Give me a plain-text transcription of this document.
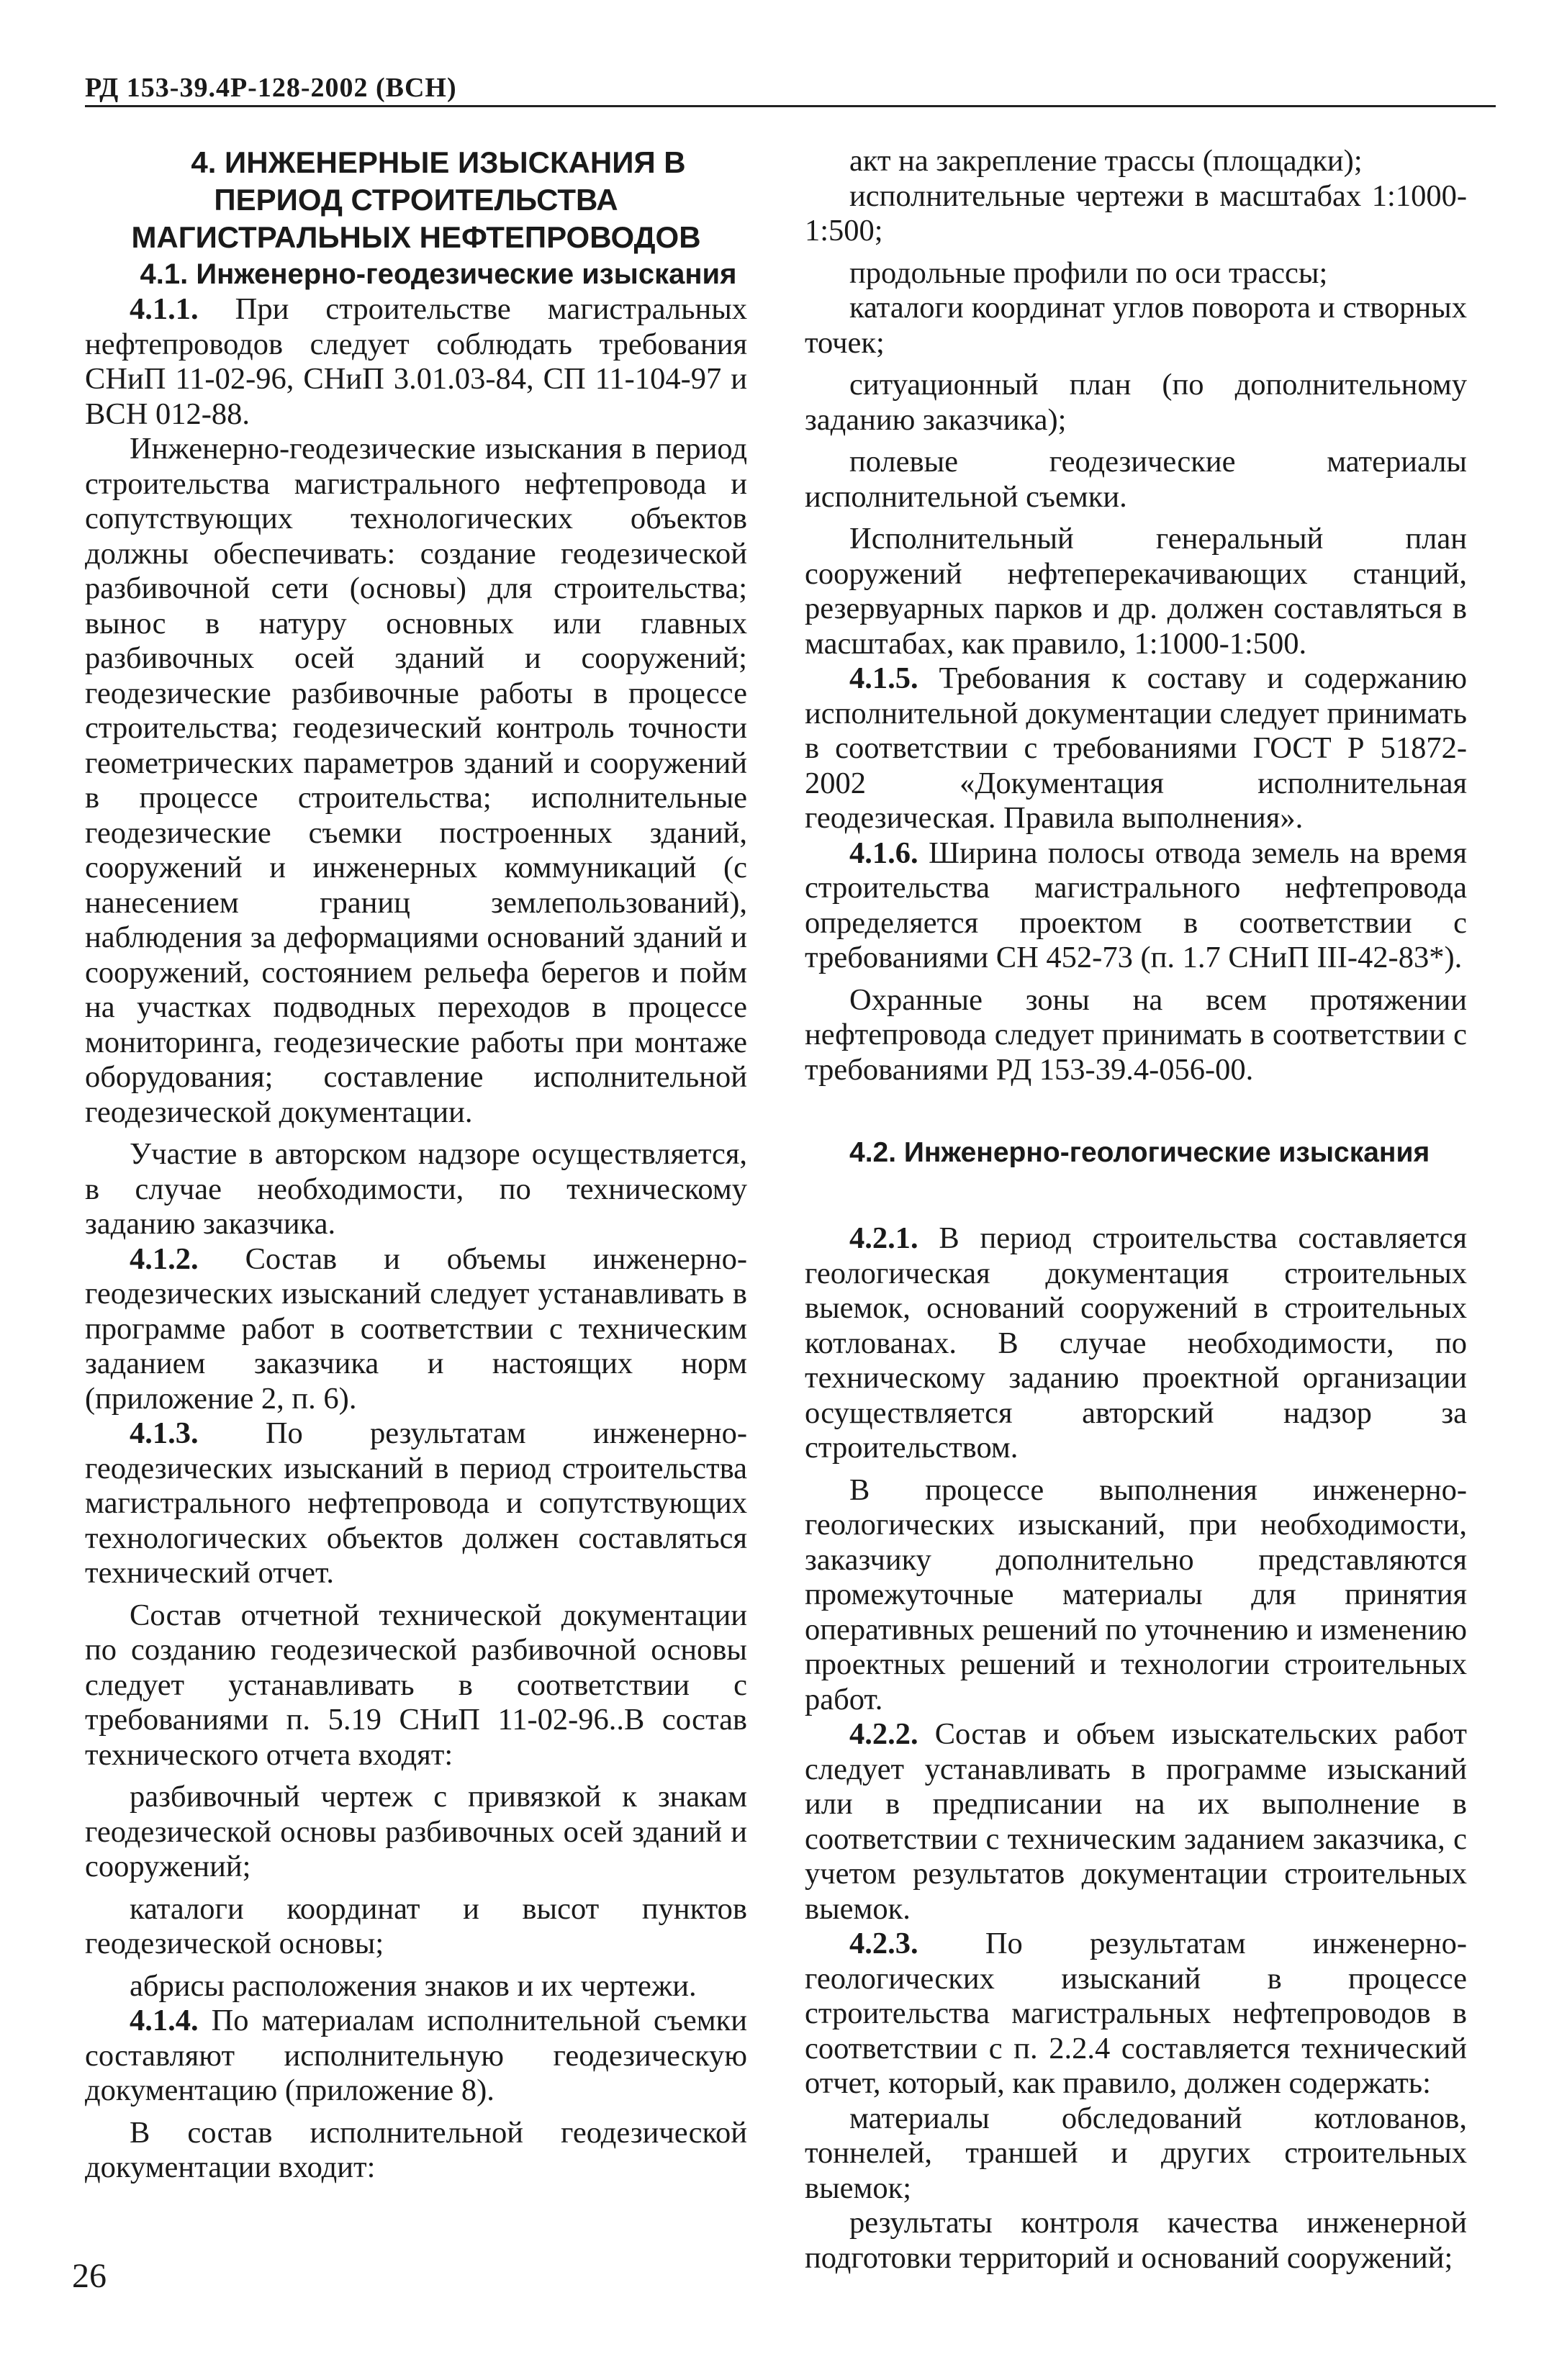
РД 153-39.4Р-128-2002 (ВСН)

4. ИНЖЕНЕРНЫЕ ИЗЫСКАНИЯ В ПЕРИОД СТРОИТЕЛЬСТВА МАГИСТРАЛЬНЫХ НЕФТЕПРОВОДОВ

4.1. Инженерно-геодезические изыскания

4.1.1. При строительстве магистральных нефтепроводов следует соблюдать требования СНиП 11-02-96, СНиП 3.01.03-84, СП 11-104-97 и ВСН 012-88.

Инженерно-геодезические изыскания в период строительства магистрального нефтепровода и сопутствующих технологических объектов должны обеспечивать: создание геодезической разбивочной сети (основы) для строительства; вынос в натуру основных или главных разбивочных осей зданий и сооружений; геодезические разбивочные работы в процессе строительства; геодезический контроль точности геометрических параметров зданий и сооружений в процессе строительства; исполнительные геодезические съемки построенных зданий, сооружений и инженерных коммуникаций (с нанесением границ землепользований), наблюдения за деформациями оснований зданий и сооружений, состоянием рельефа берегов и пойм на участках подводных переходов в процессе мониторинга, геодезические работы при монтаже оборудования; составление исполнительной геодезической документации.

Участие в авторском надзоре осуществляется, в случае необходимости, по техническому заданию заказчика.

4.1.2. Состав и объемы инженерно-геодезических изысканий следует устанавливать в программе работ в соответствии с техническим заданием заказчика и настоящих норм (приложение 2, п. 6).

4.1.3. По результатам инженерно-геодезических изысканий в период строительства магистрального нефтепровода и сопутствующих технологических объектов должен составляться технический отчет.

Состав отчетной технической документации по созданию геодезической разбивочной основы следует устанавливать в соответствии с требованиями п. 5.19 СНиП 11-02-96..В состав технического отчета входят:

разбивочный чертеж с привязкой к знакам геодезической основы разбивочных осей зданий и сооружений;

каталоги координат и высот пунктов геодезической основы;

абрисы расположения знаков и их чертежи.

4.1.4. По материалам исполнительной съемки составляют исполнительную геодезическую документацию (приложение 8).

В состав исполнительной геодезической документации входит:

акт на закрепление трассы (площадки);

исполнительные чертежи в масштабах 1:1000-1:500;

продольные профили по оси трассы;

каталоги координат углов поворота и створных точек;

ситуационный план (по дополнительному заданию заказчика);

полевые геодезические материалы исполнительной съемки.

Исполнительный генеральный план сооружений нефтеперекачивающих станций, резервуарных парков и др. должен составляться в масштабах, как правило, 1:1000-1:500.

4.1.5. Требования к составу и содержанию исполнительной документации следует принимать в соответствии с требованиями ГОСТ Р 51872-2002 «Документация исполнительная геодезическая. Правила выполнения».

4.1.6. Ширина полосы отвода земель на время строительства магистрального нефтепровода определяется проектом в соответствии с требованиями СН 452-73 (п. 1.7 СНиП III-42-83*).

Охранные зоны на всем протяжении нефтепровода следует принимать в соответствии с требованиями РД 153-39.4-056-00.

4.2. Инженерно-геологические изыскания

4.2.1. В период строительства составляется геологическая документация строительных выемок, оснований сооружений в строительных котлованах. В случае необходимости, по техническому заданию проектной организации осуществляется авторский надзор за строительством.

В процессе выполнения инженерно-геологических изысканий, при необходимости, заказчику дополнительно представляются промежуточные материалы для принятия оперативных решений по уточнению и изменению проектных решений и технологии строительных работ.

4.2.2. Состав и объем изыскательских работ следует устанавливать в программе изысканий или в предписании на их выполнение в соответствии с техническим заданием заказчика, с учетом результатов документации строительных выемок.

4.2.3. По результатам инженерно-геологических изысканий в процессе строительства магистральных нефтепроводов в соответствии с п. 2.2.4 составляется технический отчет, который, как правило, должен содержать:

материалы обследований котлованов, тоннелей, траншей и других строительных выемок;

результаты контроля качества инженерной подготовки территорий и оснований сооружений;

26
